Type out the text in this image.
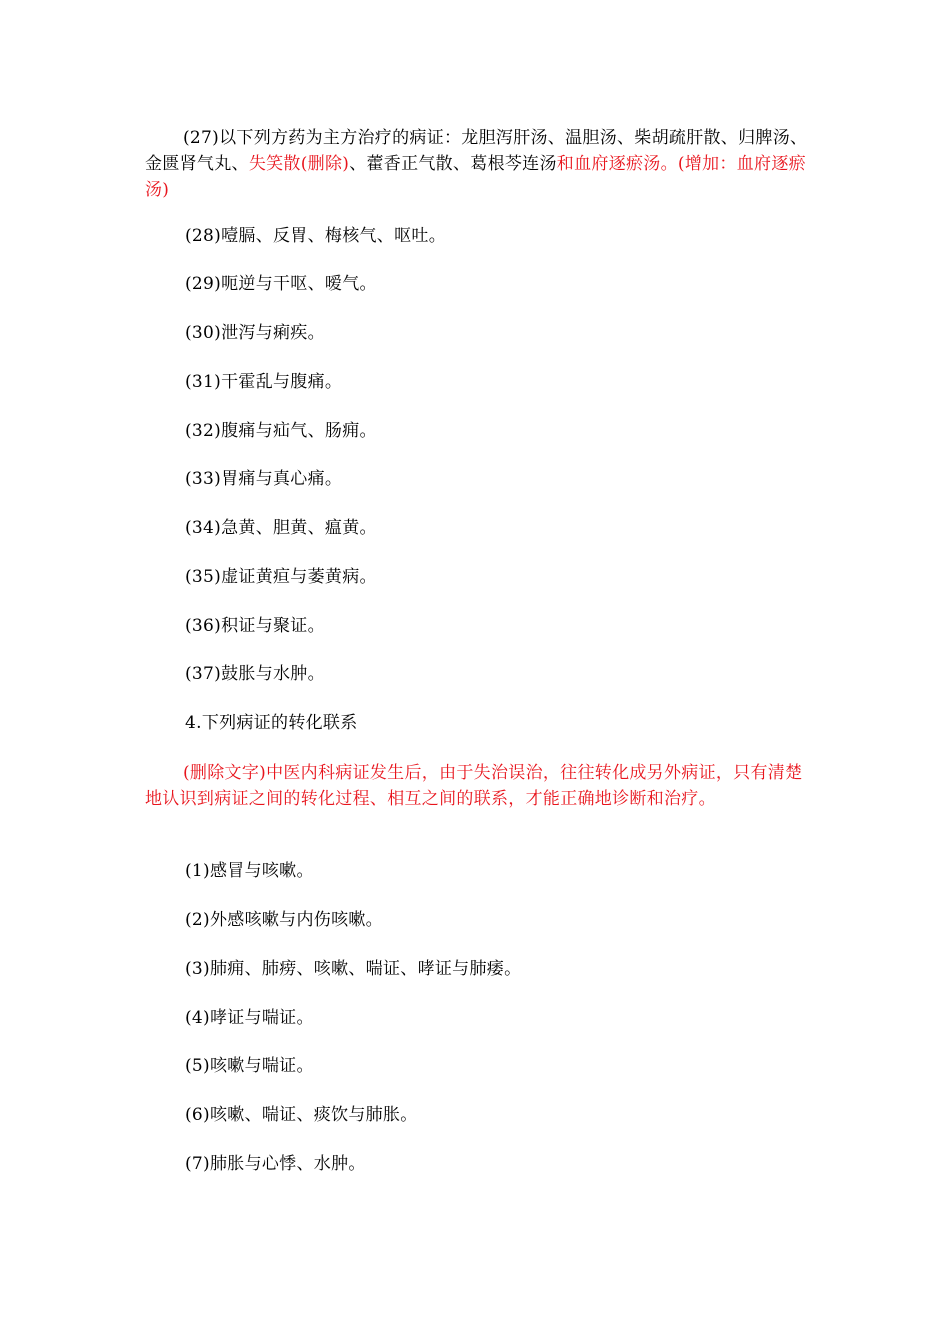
(27)以下列方药为主方治疗的病证：龙胆泻肝汤、温胆汤、柴胡疏肝散、归脾汤、金匮肾气丸、失笑散(删除)、藿香正气散、葛根芩连汤和血府逐瘀汤。(增加：血府逐瘀汤)

(28)噎膈、反胃、梅核气、呕吐。
(29)呃逆与干呕、嗳气。
(30)泄泻与痢疾。
(31)干霍乱与腹痛。
(32)腹痛与疝气、肠痈。
(33)胃痛与真心痛。
(34)急黄、胆黄、瘟黄。
(35)虚证黄疸与萎黄病。
(36)积证与聚证。
(37)鼓胀与水肿。
4.下列病证的转化联系

(删除文字)中医内科病证发生后，由于失治误治，往往转化成另外病证，只有清楚地认识到病证之间的转化过程、相互之间的联系，才能正确地诊断和治疗。

(1)感冒与咳嗽。
(2)外感咳嗽与内伤咳嗽。
(3)肺痈、肺痨、咳嗽、喘证、哮证与肺痿。
(4)哮证与喘证。
(5)咳嗽与喘证。
(6)咳嗽、喘证、痰饮与肺胀。
(7)肺胀与心悸、水肿。
